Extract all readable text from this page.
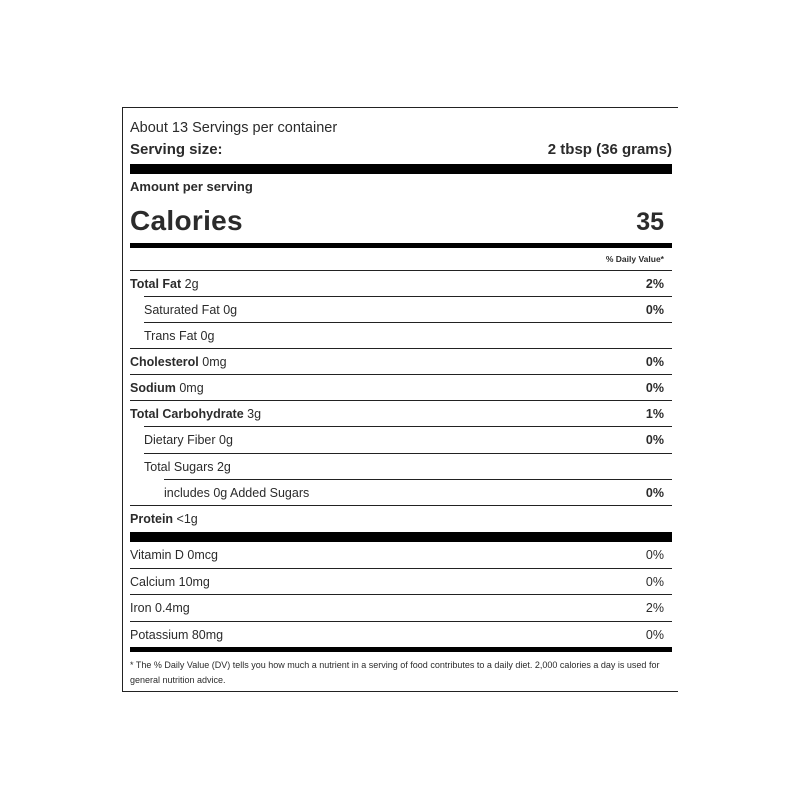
About 13 Servings per container
Serving size:	2 tbsp (36 grams)
Amount per serving
Calories	35
% Daily Value*
Total Fat 2g	2%
Saturated Fat 0g	0%
Trans Fat 0g
Cholesterol 0mg	0%
Sodium 0mg	0%
Total Carbohydrate 3g	1%
Dietary Fiber 0g	0%
Total Sugars 2g
includes 0g Added Sugars	0%
Protein <1g
Vitamin D 0mcg	0%
Calcium 10mg	0%
Iron 0.4mg	2%
Potassium 80mg	0%
* The % Daily Value (DV) tells you how much a nutrient in a serving of food contributes to a daily diet. 2,000 calories a day is used for general nutrition advice.
